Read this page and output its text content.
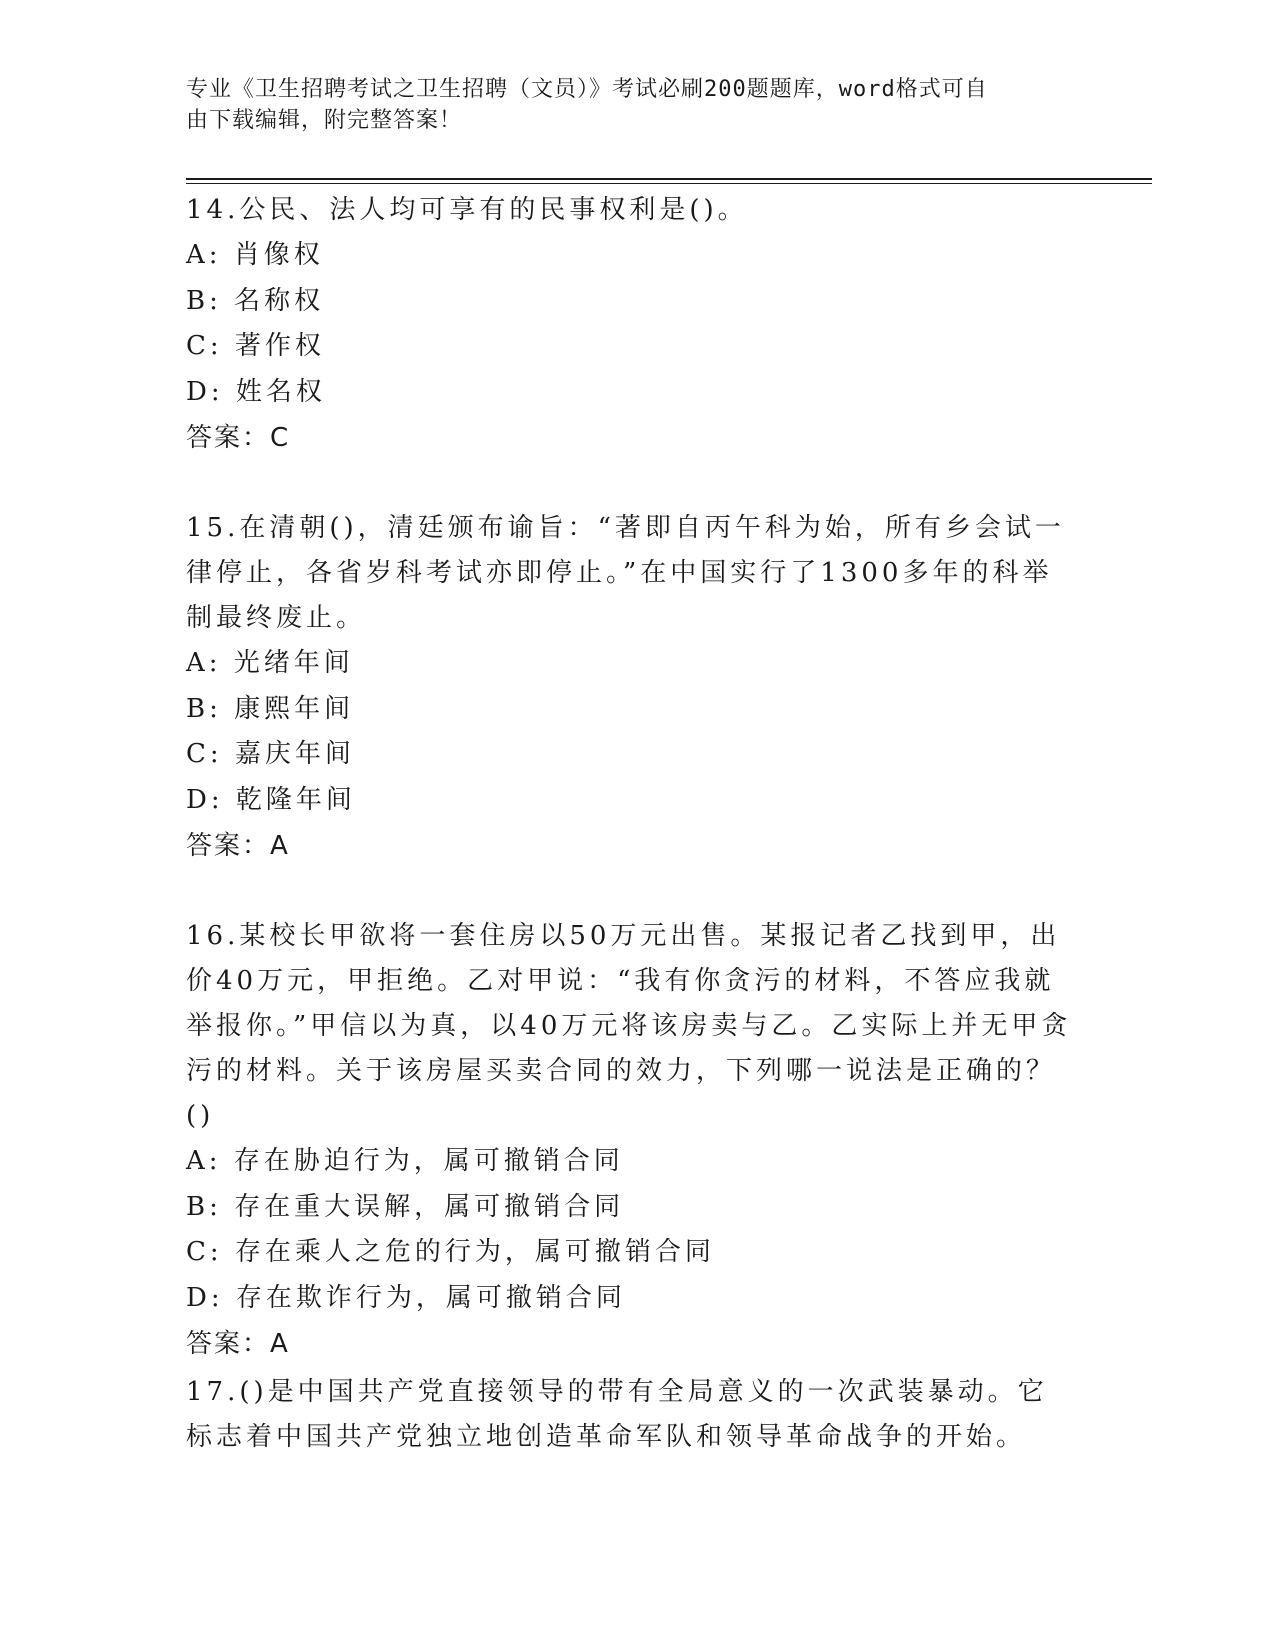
专业《卫生招聘考试之卫生招聘（文员）》考试必刷200题题库，word格式可自
由下载编辑，附完整答案！

14.公民、法人均可享有的民事权利是()。

A: 肖像权

B: 名称权

C: 著作权

D: 姓名权

答案：C

15.在清朝()，清廷颁布谕旨：“著即自丙午科为始，所有乡会试一律停止，各省岁科考试亦即停止。”在中国实行了1300多年的科举制最终废止。

A: 光绪年间

B: 康熙年间

C: 嘉庆年间

D: 乾隆年间

答案：A

16.某校长甲欲将一套住房以50万元出售。某报记者乙找到甲，出价40万元，甲拒绝。乙对甲说：“我有你贪污的材料，不答应我就举报你。”甲信以为真，以40万元将该房卖与乙。乙实际上并无甲贪污的材料。关于该房屋买卖合同的效力，下列哪一说法是正确的？()

A: 存在胁迫行为，属可撤销合同

B: 存在重大误解，属可撤销合同

C: 存在乘人之危的行为，属可撤销合同

D: 存在欺诈行为，属可撤销合同

答案：A

17.()是中国共产党直接领导的带有全局意义的一次武装暴动。它标志着中国共产党独立地创造革命军队和领导革命战争的开始。
